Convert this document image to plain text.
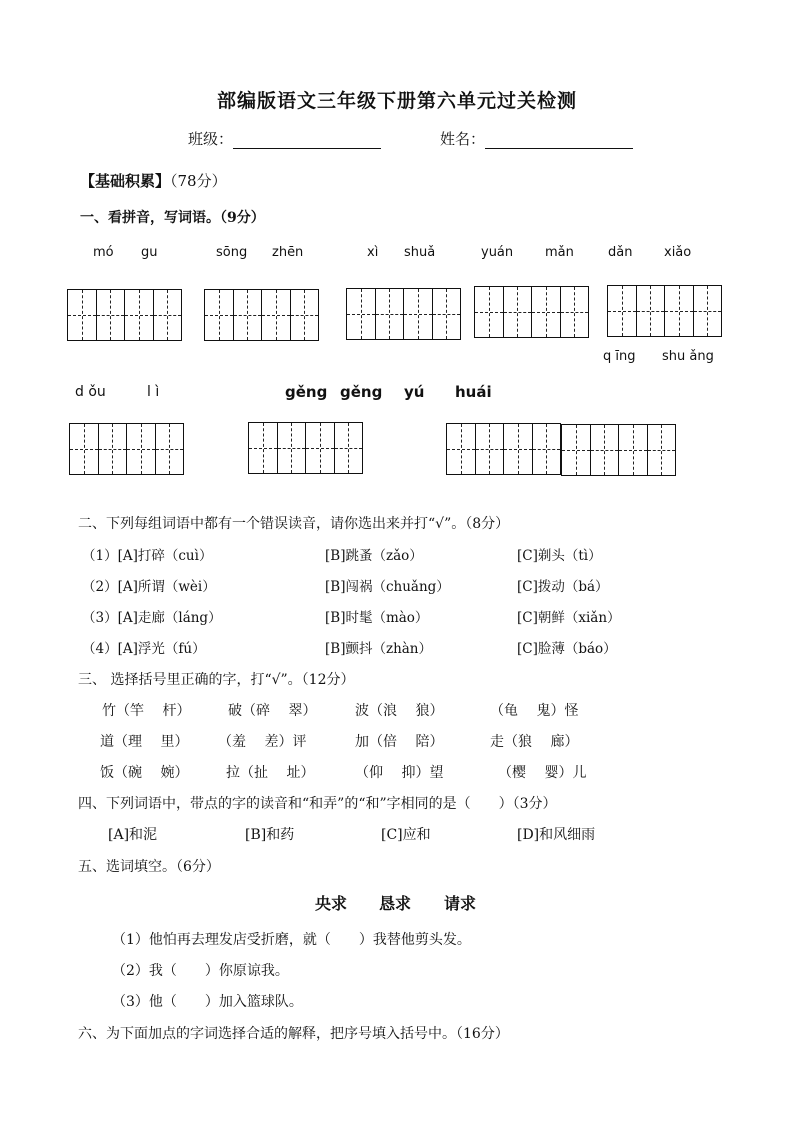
部编版语文三年级下册第六单元过关检测
班级：	姓名：
【基础积累】（78分）
一、看拼音，写词语。（9分）
mó gu	sōng zhēn	xì shuǎ	yuán mǎn	dǎn xiǎo
q īng shu ǎng
d ǒu	l ì	gěng gěng yú huái
二、下列每组词语中都有一个错误读音，请你选出来并打“√”。（8分）
（1）[A]打碎（cuì）	[B]跳蚤（zǎo）	[C]剃头（tì）
（2）[A]所谓（wèi）	[B]闯祸（chuǎng）	[C]拨动（bá）
（3）[A]走廊（láng）	[B]时髦（mào）	[C]朝鲜（xiǎn）
（4）[A]浮光（fú）	[B]颤抖（zhàn）	[C]脸薄（báo）
三、 选择括号里正确的字，打“√”。（12分）
竹（竿　 杆）	破（碎　 翠）	波（浪　 狼）	（龟　 鬼）怪
道（理　 里） （羞　 差）评	加（倍　 陪）	走（狼　 廊）
饭（碗　 婉）	拉（扯　 址）	（仰　 抑）望	（樱　 婴）儿
四、下列词语中，带点的字的读音和“和弄”的“和”字相同的是（　　）（3分）
[A]和泥	[B]和药	[C]应和	[D]和风细雨
五、选词填空。（6分）
央求 恳求 请求
（1）他怕再去理发店受折磨，就（　　）我替他剪头发。
（2）我（　　）你原谅我。
（3）他（　　）加入篮球队。
六、为下面加点的字词选择合适的解释，把序号填入括号中。（16分）
